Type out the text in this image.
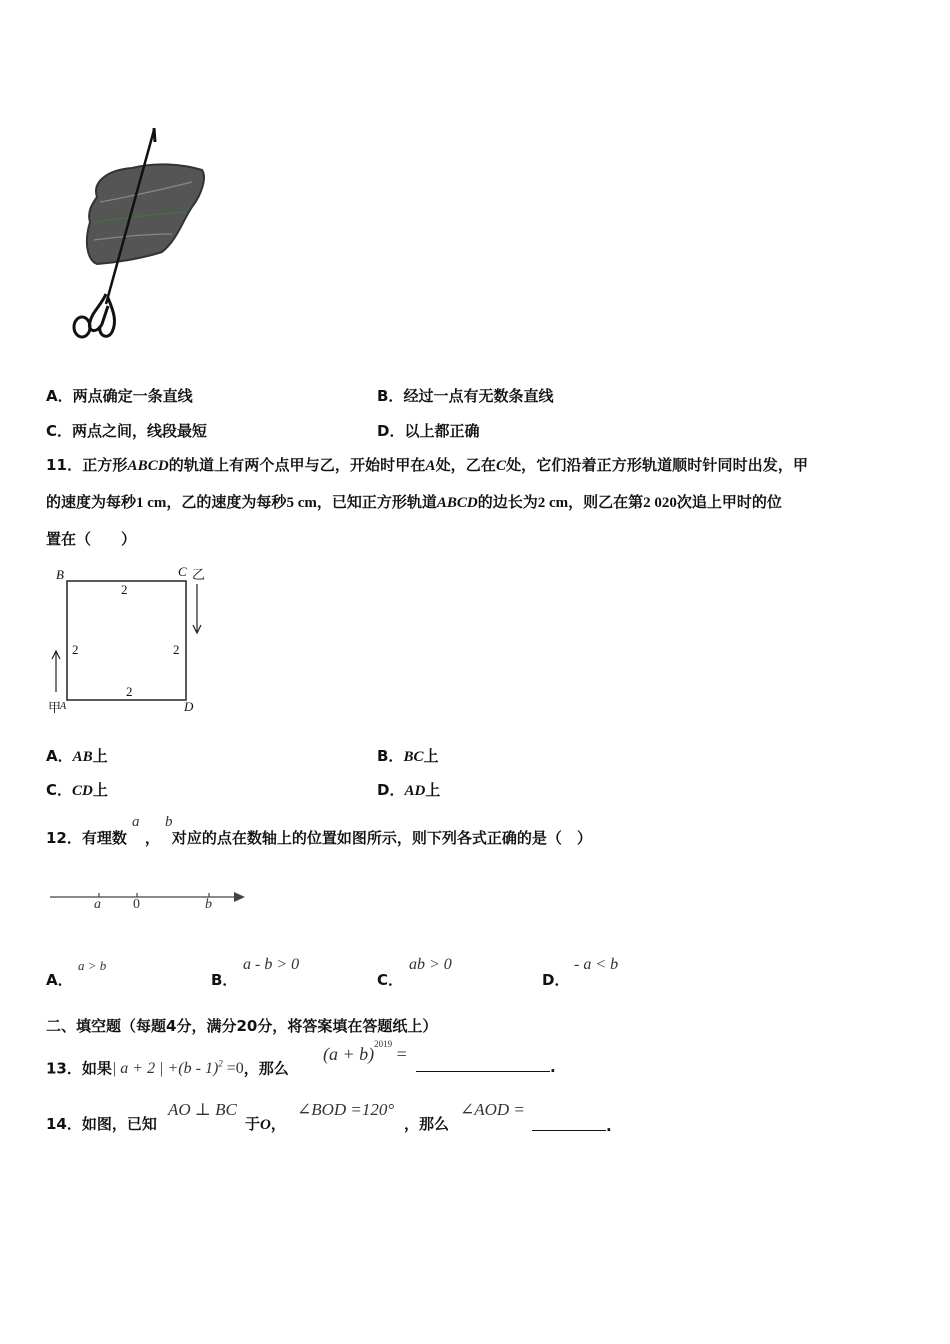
A．两点确定一条直线	B．经过一点有无数条直线
C．两点之间，线段最短	D．以上都正确
11．正方形ABCD的轨道上有两个点甲与乙，开始时甲在A处，乙在C处，它们沿着正方形轨道顺时针同时出发，甲
的速度为每秒1 cm，乙的速度为每秒5 cm，已知正方形轨道ABCD的边长为2 cm，则乙在第2 020次追上甲时的位
置在（　　）
B	C 乙
甲
A	D
2
2	2
2
A．AB上	B．BC上
C．CD上	D．AD上
12．有理数 ， 对应的点在数轴上的位置如图所示，则下列各式正确的是（　）
a b
a 0	b
A．
a > b
B．
a - b > 0
C．
ab > 0
D．
- a < b
二、填空题（每题4分，满分20分，将答案填在答题纸上）
13．如果| a + 2 | +(b - 1)$^2$ =0，那么
$(a + b)^{2019}$ =
.
14．如图，已知
AO ⊥ BC
于O，
∠BOD =120°
，那么
∠AOD =
.
